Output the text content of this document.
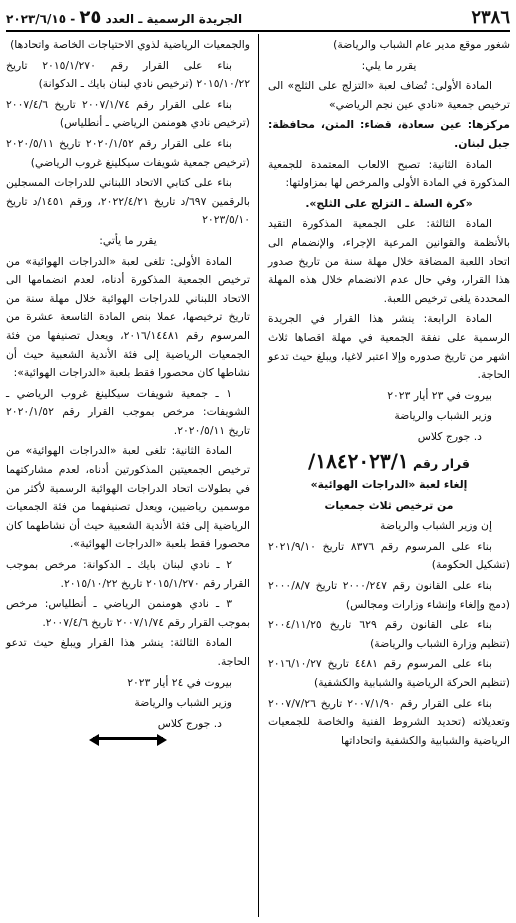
٢٣٨٦
الجريدة الرسمية ـ العدد ٢٥ - ٢٠٢٣/٦/١٥

شغور موقع مدير عام الشباب والرياضة)

يقرر ما يلي:

المادة الأولى: تُضاف لعبة «التزلج على الثلج» الى ترخيص جمعية «نادي عين نجم الرياضي»

مركزها: عين سعادة، قضاء: المتن، محافظة: جبل لبنان.

المادة الثانية: تصبح الالعاب المعتمدة للجمعية المذكورة في المادة الأولى والمرخص لها بمزاولتها:

«كرة السلة ـ التزلج على الثلج».

المادة الثالثة: على الجمعية المذكورة التقيد بالأنظمة والقوانين المرعية الإجراء، والإنضمام الى اتحاد اللعبة المضافة خلال مهلة سنة من تاريخ صدور هذا القرار، وفي حال عدم الانضمام خلال هذه المهلة المحددة يلغى ترخيص اللعبة.

المادة الرابعة: ينشر هذا القرار في الجريدة الرسمية على نفقة الجمعية في مهلة اقصاها ثلاث اشهر من تاريخ صدوره وإلا اعتبر لاغيا، ويبلغ حيث تدعو الحاجة.

بيروت في ٢٣ أيار ٢٠٢٣

وزير الشباب والرياضة

د. جورج كلاس

قرار رقم ١٨٤٢٠٢٣/١/

إلغاء لعبة «الدراجات الهوائية»

من ترخيص ثلاث جمعيات

إن وزير الشباب والرياضة

بناء على المرسوم رقم ٨٣٧٦ تاريخ ٢٠٢١/٩/١٠ (تشكيل الحكومة)

بناء على القانون رقم ٢٠٠٠/٢٤٧ تاريخ ٢٠٠٠/٨/٧ (دمج وإلغاء وإنشاء وزارات ومجالس)

بناء على القانون رقم ٦٢٩ تاريخ ٢٠٠٤/١١/٢٥ (تنظيم وزارة الشباب والرياضة)

بناء على المرسوم رقم ٤٤٨١ تاريخ ٢٠١٦/١٠/٢٧ (تنظيم الحركة الرياضية والشبابية والكشفية)

بناء على القرار رقم ٢٠٠٧/١/٩٠ تاريخ ٢٠٠٧/٧/٢٦ وتعديلاته (تحديد الشروط الفنية والخاصة للجمعيات الرياضية والشبابية والكشفية واتحاداتها

والجمعيات الرياضية لذوي الاحتياجات الخاصة واتحادها)

بناء على القرار رقم ٢٠١٥/١/٢٧٠ تاريخ ٢٠١٥/١٠/٢٢ (ترخيص نادي لبنان بايك ـ الدكوانة)

بناء على القرار رقم ٢٠٠٧/١/٧٤ تاريخ ٢٠٠٧/٤/٦ (ترخيص نادي هومنمن الرياضي ـ أنطلياس)

بناء على القرار رقم ٢٠٢٠/١/٥٢ تاريخ ٢٠٢٠/٥/١١ (ترخيص جمعية شويفات سيكلينغ غروب الرياضي)

بناء على كتابي الاتحاد اللبناني للدراجات المسجلين بالرقمين ٦٩٧/د تاريخ ٢٠٢٢/٤/٢١، ورقم ١٤٥١/د تاريخ ٢٠٢٣/٥/١٠

يقرر ما يأتي:

المادة الأولى: تلغى لعبة «الدراجات الهوائية» من ترخيص الجمعية المذكورة أدناه، لعدم انضمامها الى الاتحاد اللبناني للدراجات الهوائية خلال مهلة سنة من تاريخ ترخيصها، عملا بنص المادة التاسعة عشرة من المرسوم رقم ٢٠١٦/١٤٤٨١، ويعدل تصنيفها من فئة الجمعيات الرياضية إلى فئة الأندية الشعبية حيث أن نشاطها كان محصورا فقط بلعبة «الدراجات الهوائية»:

١ ـ جمعية شويفات سيكلينغ غروب الرياضي ـ الشويفات: مرخص بموجب القرار رقم ٢٠٢٠/١/٥٢ تاريخ ٢٠٢٠/٥/١١.

المادة الثانية: تلغى لعبة «الدراجات الهوائية» من ترخيص الجمعيتين المذكورتين أدناه، لعدم مشاركتهما في بطولات اتحاد الدراجات الهوائية الرسمية لأكثر من موسمين رياضيين، ويعدل تصنيفهما من فئة الجمعيات الرياضية إلى فئة الأندية الشعبية حيث أن نشاطهما كان محصورا فقط بلعبة «الدراجات الهوائية».

٢ ـ نادي لبنان بايك ـ الدكوانة: مرخص بموجب القرار رقم ٢٠١٥/١/٢٧٠ تاريخ ٢٠١٥/١٠/٢٢.

٣ ـ نادي هومنمن الرياضي ـ أنطلياس: مرخص بموجب القرار رقم ٢٠٠٧/١/٧٤ تاريخ ٢٠٠٧/٤/٦.

المادة الثالثة: ينشر هذا القرار ويبلغ حيث تدعو الحاجة.

بيروت في ٢٤ أيار ٢٠٢٣

وزير الشباب والرياضة

د. جورج كلاس
